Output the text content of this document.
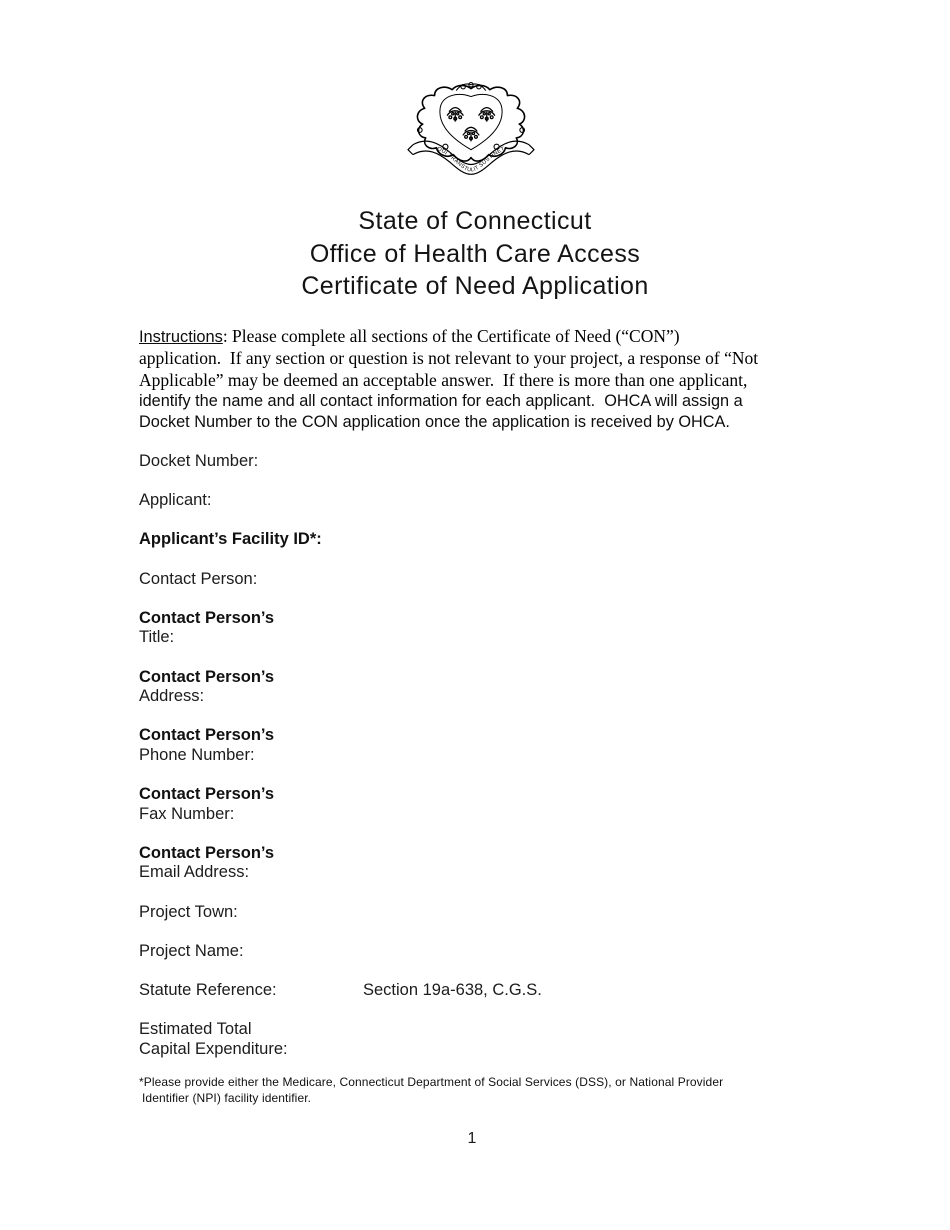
QUI TRANSTULIT SUSTINET
State of Connecticut
Office of Health Care Access
Certificate of Need Application
Instructions: Please complete all sections of the Certificate of Need (“CON”)
application.  If any section or question is not relevant to your project, a response of “Not
Applicable” may be deemed an acceptable answer.  If there is more than one applicant,
identify the name and all contact information for each applicant.  OHCA will assign a
Docket Number to the CON application once the application is received by OHCA.
Docket Number:
Applicant:
Applicant’s Facility ID*:
Contact Person:
Contact Person’s
Title:
Contact Person’s
Address:
Contact Person’s
Phone Number:
Contact Person’s
Fax Number:
Contact Person’s
Email Address:
Project Town:
Project Name:
Statute Reference:	Section 19a-638, C.G.S.
Estimated Total
Capital Expenditure:
*Please provide either the Medicare, Connecticut Department of Social Services (DSS), or National Provider
Identifier (NPI) facility identifier.
1
